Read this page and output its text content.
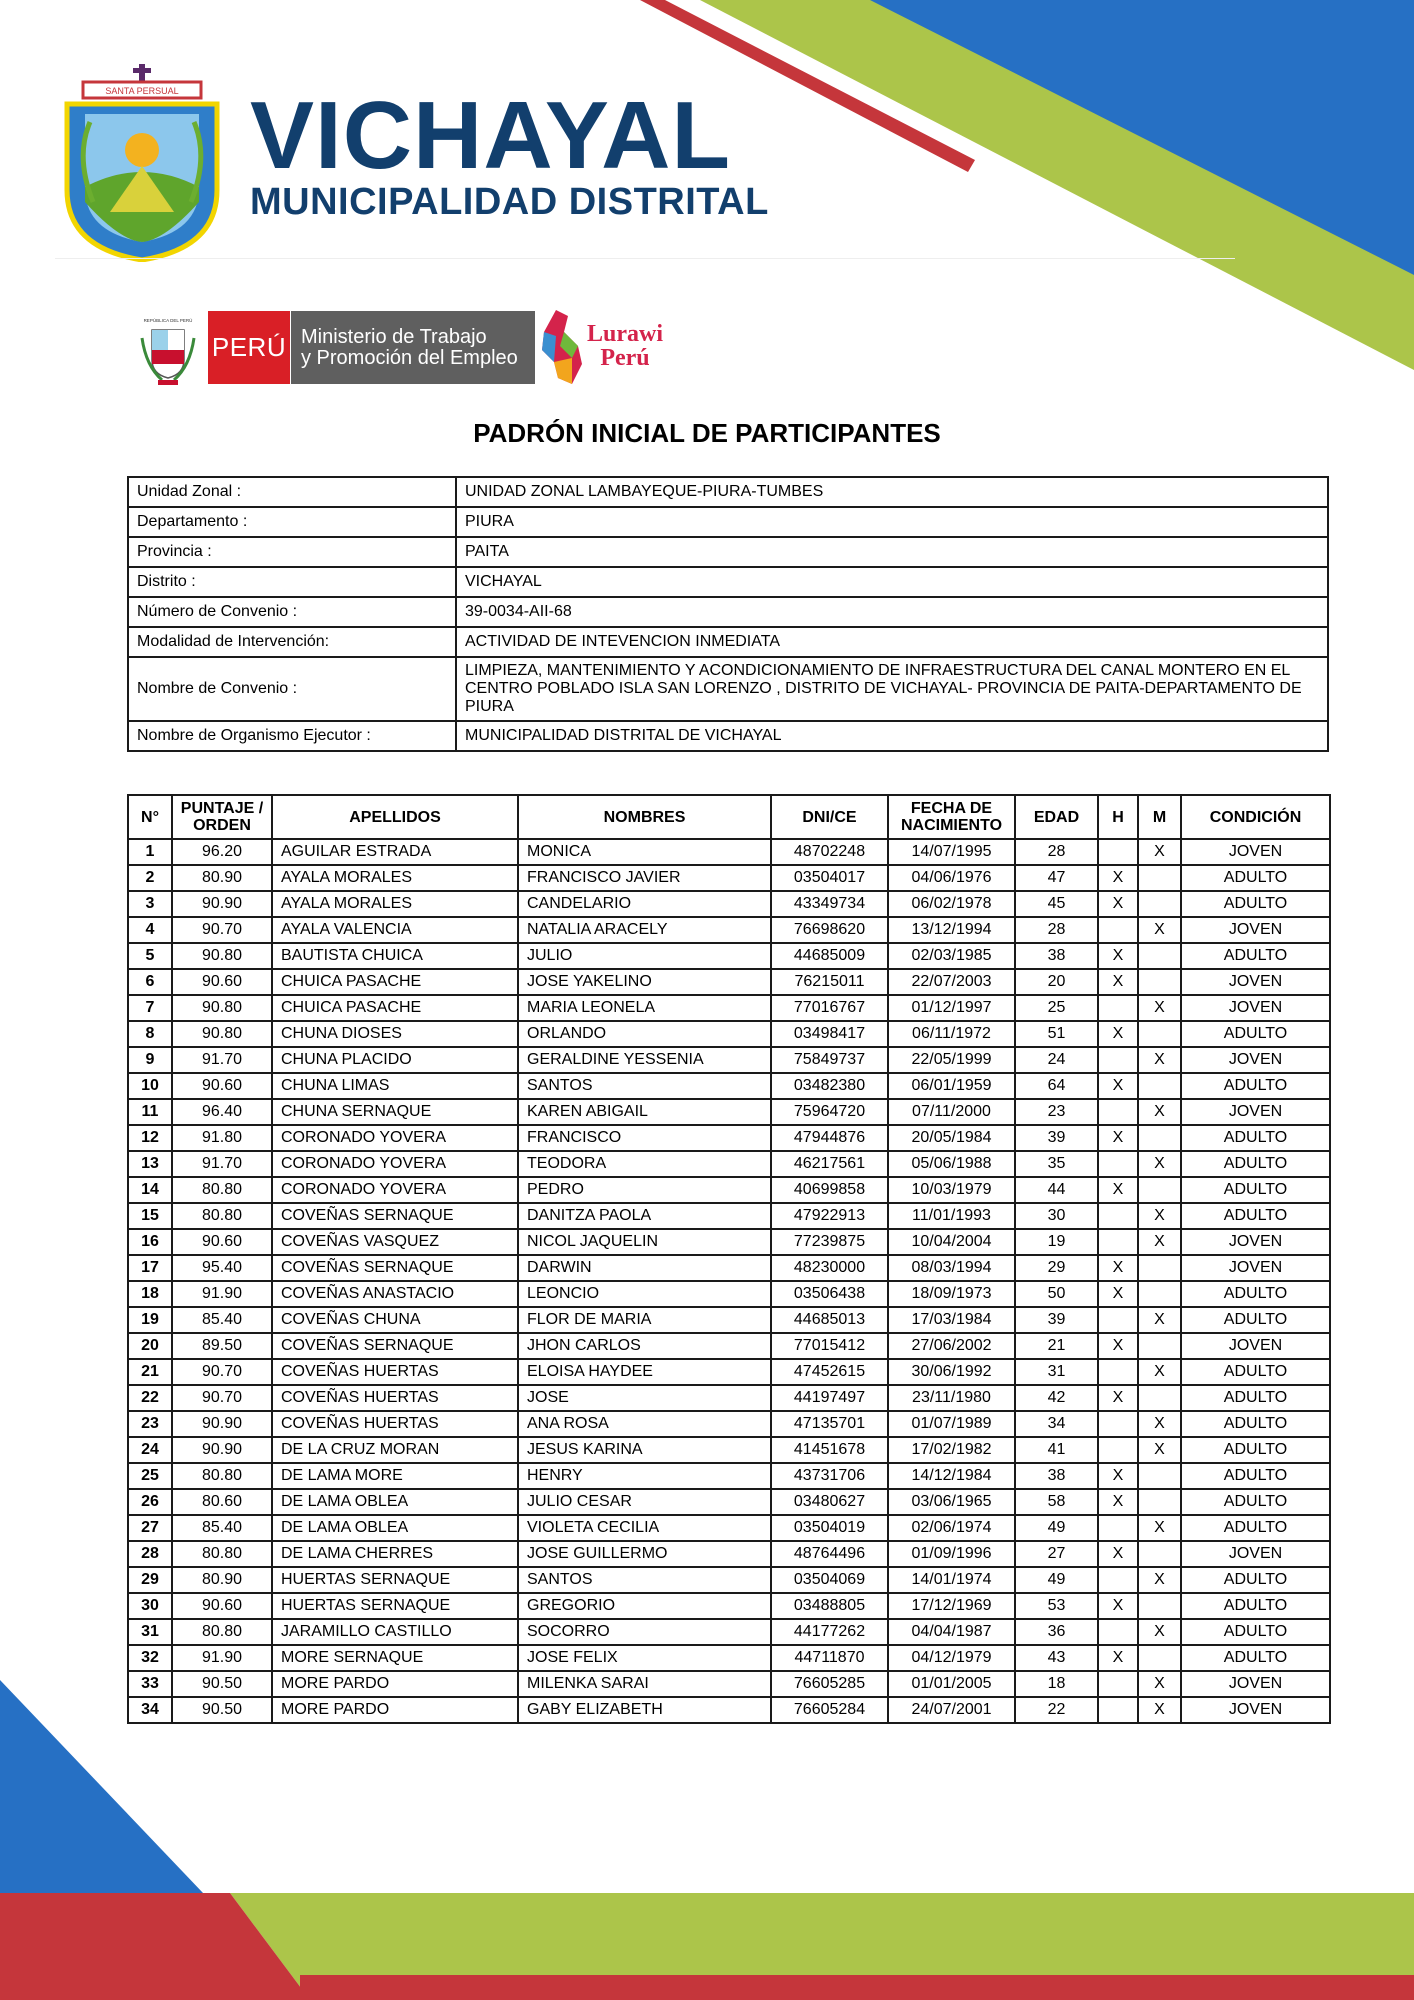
SANTA PERSUAL VICHAYAL
MUNICIPALIDAD DISTRITAL
REPÚBLICA DEL PERÚ
PERÚ Ministerio de Trabajo
y Promoción del Empleo
Lurawi
Perú
PADRÓN INICIAL DE PARTICIPANTES
Unidad Zonal :	UNIDAD ZONAL LAMBAYEQUE-PIURA-TUMBES
Departamento :	PIURA
Provincia :	PAITA
Distrito :	VICHAYAL
Número de Convenio :	39-0034-AII-68
Modalidad de Intervención:	ACTIVIDAD DE INTEVENCION INMEDIATA
Nombre de Convenio :	LIMPIEZA, MANTENIMIENTO Y ACONDICIONAMIENTO DE INFRAESTRUCTURA DEL CANAL MONTERO EN EL CENTRO POBLADO ISLA SAN LORENZO , DISTRITO DE VICHAYAL- PROVINCIA DE PAITA-DEPARTAMENTO DE PIURA
Nombre de Organismo Ejecutor :	MUNICIPALIDAD DISTRITAL DE VICHAYAL
N°	PUNTAJE / ORDEN	APELLIDOS	NOMBRES	DNI/CE	FECHA DE NACIMIENTO	EDAD	H	M	CONDICIÓN
1	96.20	AGUILAR ESTRADA	MONICA	48702248	14/07/1995	28		X	JOVEN
2	80.90	AYALA MORALES	FRANCISCO JAVIER	03504017	04/06/1976	47	X		ADULTO
3	90.90	AYALA MORALES	CANDELARIO	43349734	06/02/1978	45	X		ADULTO
4	90.70	AYALA VALENCIA	NATALIA ARACELY	76698620	13/12/1994	28		X	JOVEN
5	90.80	BAUTISTA CHUICA	JULIO	44685009	02/03/1985	38	X		ADULTO
6	90.60	CHUICA PASACHE	JOSE YAKELINO	76215011	22/07/2003	20	X		JOVEN
7	90.80	CHUICA PASACHE	MARIA LEONELA	77016767	01/12/1997	25		X	JOVEN
8	90.80	CHUNA DIOSES	ORLANDO	03498417	06/11/1972	51	X		ADULTO
9	91.70	CHUNA PLACIDO	GERALDINE YESSENIA	75849737	22/05/1999	24		X	JOVEN
10	90.60	CHUNA LIMAS	SANTOS	03482380	06/01/1959	64	X		ADULTO
11	96.40	CHUNA SERNAQUE	KAREN ABIGAIL	75964720	07/11/2000	23		X	JOVEN
12	91.80	CORONADO YOVERA	FRANCISCO	47944876	20/05/1984	39	X		ADULTO
13	91.70	CORONADO YOVERA	TEODORA	46217561	05/06/1988	35		X	ADULTO
14	80.80	CORONADO YOVERA	PEDRO	40699858	10/03/1979	44	X		ADULTO
15	80.80	COVEÑAS SERNAQUE	DANITZA PAOLA	47922913	11/01/1993	30		X	ADULTO
16	90.60	COVEÑAS VASQUEZ	NICOL JAQUELIN	77239875	10/04/2004	19		X	JOVEN
17	95.40	COVEÑAS SERNAQUE	DARWIN	48230000	08/03/1994	29	X		JOVEN
18	91.90	COVEÑAS ANASTACIO	LEONCIO	03506438	18/09/1973	50	X		ADULTO
19	85.40	COVEÑAS CHUNA	FLOR DE MARIA	44685013	17/03/1984	39		X	ADULTO
20	89.50	COVEÑAS SERNAQUE	JHON CARLOS	77015412	27/06/2002	21	X		JOVEN
21	90.70	COVEÑAS HUERTAS	ELOISA HAYDEE	47452615	30/06/1992	31		X	ADULTO
22	90.70	COVEÑAS HUERTAS	JOSE	44197497	23/11/1980	42	X		ADULTO
23	90.90	COVEÑAS HUERTAS	ANA ROSA	47135701	01/07/1989	34		X	ADULTO
24	90.90	DE LA CRUZ MORAN	JESUS KARINA	41451678	17/02/1982	41		X	ADULTO
25	80.80	DE LAMA MORE	HENRY	43731706	14/12/1984	38	X		ADULTO
26	80.60	DE LAMA OBLEA	JULIO CESAR	03480627	03/06/1965	58	X		ADULTO
27	85.40	DE LAMA OBLEA	VIOLETA CECILIA	03504019	02/06/1974	49		X	ADULTO
28	80.80	DE LAMA CHERRES	JOSE GUILLERMO	48764496	01/09/1996	27	X		JOVEN
29	80.90	HUERTAS SERNAQUE	SANTOS	03504069	14/01/1974	49		X	ADULTO
30	90.60	HUERTAS SERNAQUE	GREGORIO	03488805	17/12/1969	53	X		ADULTO
31	80.80	JARAMILLO CASTILLO	SOCORRO	44177262	04/04/1987	36		X	ADULTO
32	91.90	MORE SERNAQUE	JOSE FELIX	44711870	04/12/1979	43	X		ADULTO
33	90.50	MORE PARDO	MILENKA SARAI	76605285	01/01/2005	18		X	JOVEN
34	90.50	MORE PARDO	GABY ELIZABETH	76605284	24/07/2001	22		X	JOVEN
